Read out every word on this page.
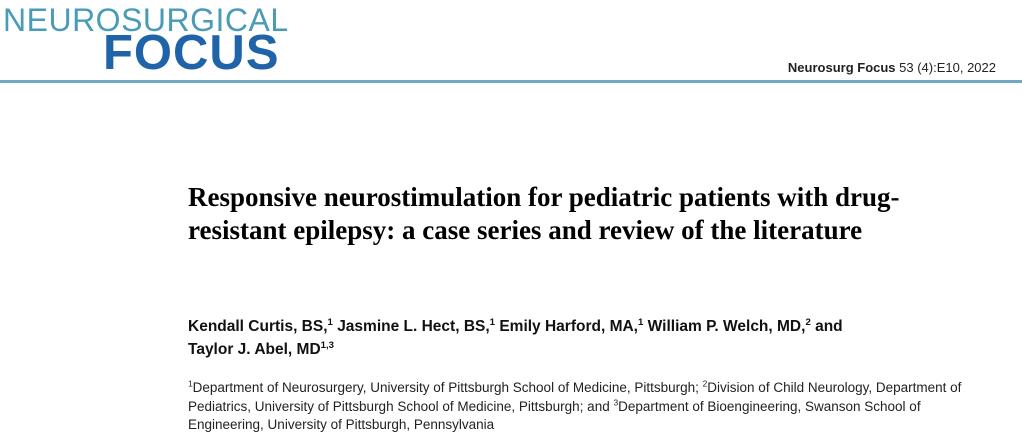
NEUROSURGICAL
FOCUS	Neurosurg Focus 53 (4):E10, 2022
Responsive neurostimulation for pediatric patients with drug-resistant epilepsy: a case series and review of the literature

Kendall Curtis, BS,$^1$ Jasmine L. Hect, BS,$^1$ Emily Harford, MA,$^1$ William P. Welch, MD,$^2$ and
Taylor J. Abel, MD$^{1,3}$

$^1$Department of Neurosurgery, University of Pittsburgh School of Medicine, Pittsburgh; $^2$Division of Child Neurology, Department of Pediatrics, University of Pittsburgh School of Medicine, Pittsburgh; and $^3$Department of Bioengineering, Swanson School of Engineering, University of Pittsburgh, Pennsylvania
